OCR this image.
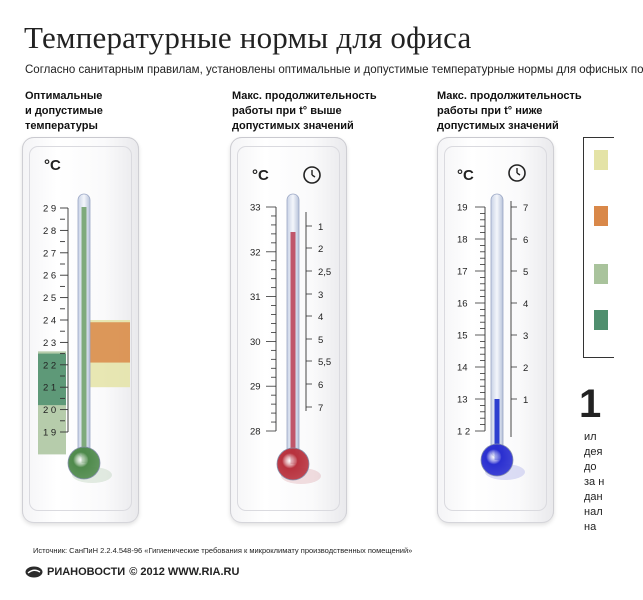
Температурные нормы для офиса
Согласно санитарным правилам, установлены оптимальные и допустимые температурные нормы для офисных по
Оптимальные
и допустимые
температуры
Макс. продолжительность
работы при t° выше
допустимых значений
Макс. продолжительность
работы при t° ниже
допустимых значений
°C
2 9
2 8
2 7
2 6
2 5
2 4
2 3
2 2
2 1
2 0
1 9
°C
33
32
31
30
29
28
1
2
2,5
3
4
5
5,5
6
7
°C
19
18
17
16
15
14
13
1 2
7
6
5
4
3
2
1 1
ил
дея
до
за н
дан
нал
на
Источник: СанПиН 2.2.4.548-96 «Гигиенические требования к микроклимату производственных помещений»
РИАНОВОСТИ © 2012 WWW.RIA.RU
